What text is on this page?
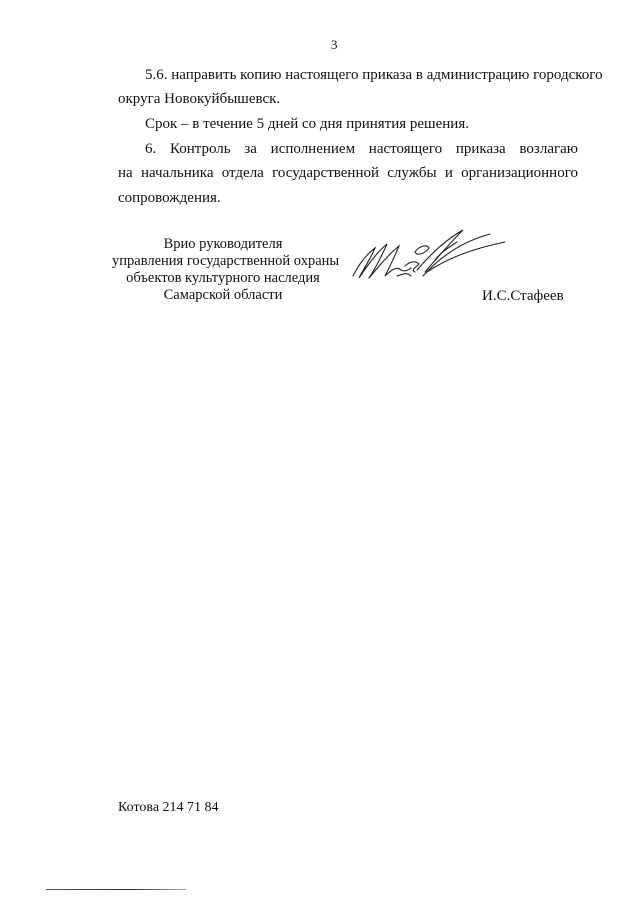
3
5.6. направить копию настоящего приказа в администрацию городского
округа Новокуйбышевск.
Срок – в течение 5 дней со дня принятия решения.
6. Контроль за исполнением настоящего приказа возлагаю
на начальника отдела государственной службы и организационного
сопровождения.
Врио руководителя
управления государственной охраны
объектов культурного наследия
Самарской области	И.С.Стафеев
Котова 214 71 84
